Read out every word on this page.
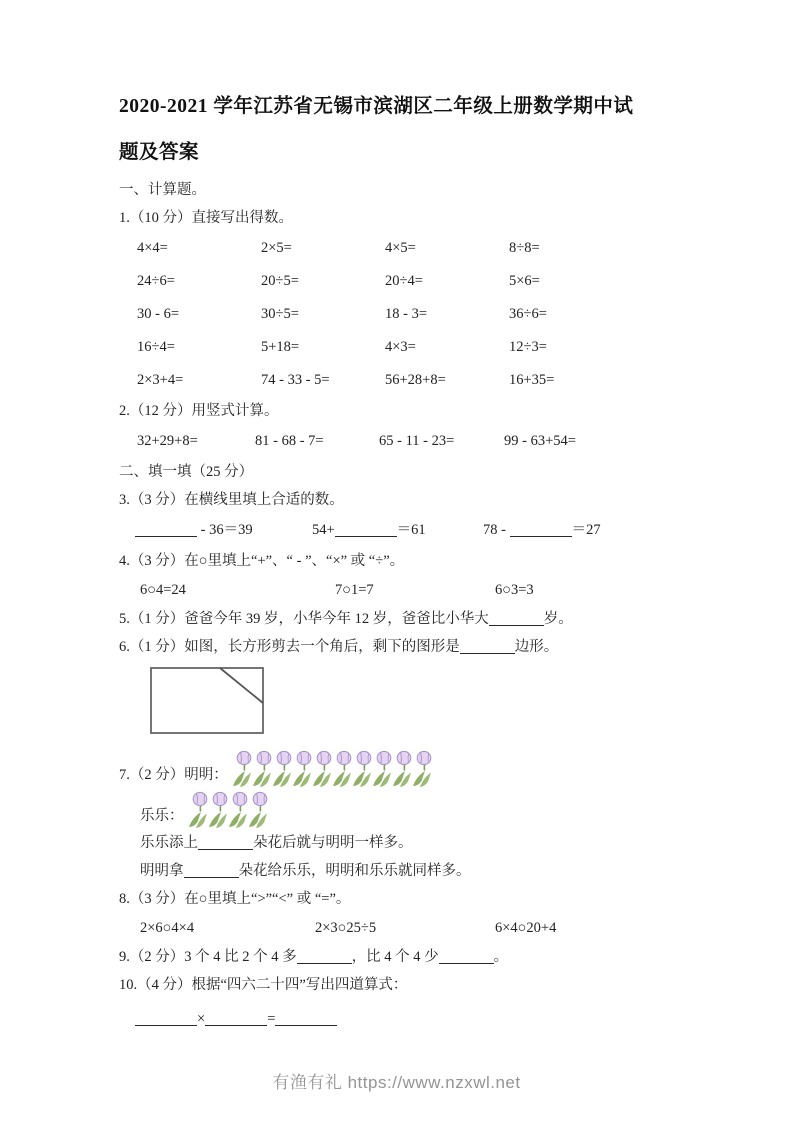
2020-2021 学年江苏省无锡市滨湖区二年级上册数学期中试
题及答案
一、计算题。
1.（10 分）直接写出得数。
4×4=	2×5=	4×5=	8÷8=
24÷6=	20÷5=	20÷4=	5×6=
30 - 6=	30÷5=	18 - 3=	36÷6=
16÷4=	5+18=	4×3=	12÷3=
2×3+4=	74 - 33 - 5=	56+28+8=	16+35=
2.（12 分）用竖式计算。
32+29+8=	81 - 68 - 7=	65 - 11 - 23=	99 - 63+54=
二、填一填（25 分）
3.（3 分）在横线里填上合适的数。
- 36＝39	54+	＝61	78 -	＝27
4.（3 分）在○里填上“+”、“ - ”、“×” 或 “÷”。
6○4=24	7○1=7	6○3=3
5.（1 分）爸爸今年 39 岁，小华今年 12 岁，爸爸比小华大	岁。
6.（1 分）如图，长方形剪去一个角后，剩下的图形是	边形。
7.（2 分）明明：
乐乐：
乐乐添上	朵花后就与明明一样多。
明明拿	朵花给乐乐，明明和乐乐就同样多。
8.（3 分）在○里填上“>”“<” 或 “=”。
2×6○4×4	2×3○25÷5	6×4○20+4
9.（2 分）3 个 4 比 2 个 4 多	，比 4 个 4 少	。
10.（4 分）根据“四六二十四”写出四道算式：
×	=
有渔有礼 https://www.nzxwl.net
